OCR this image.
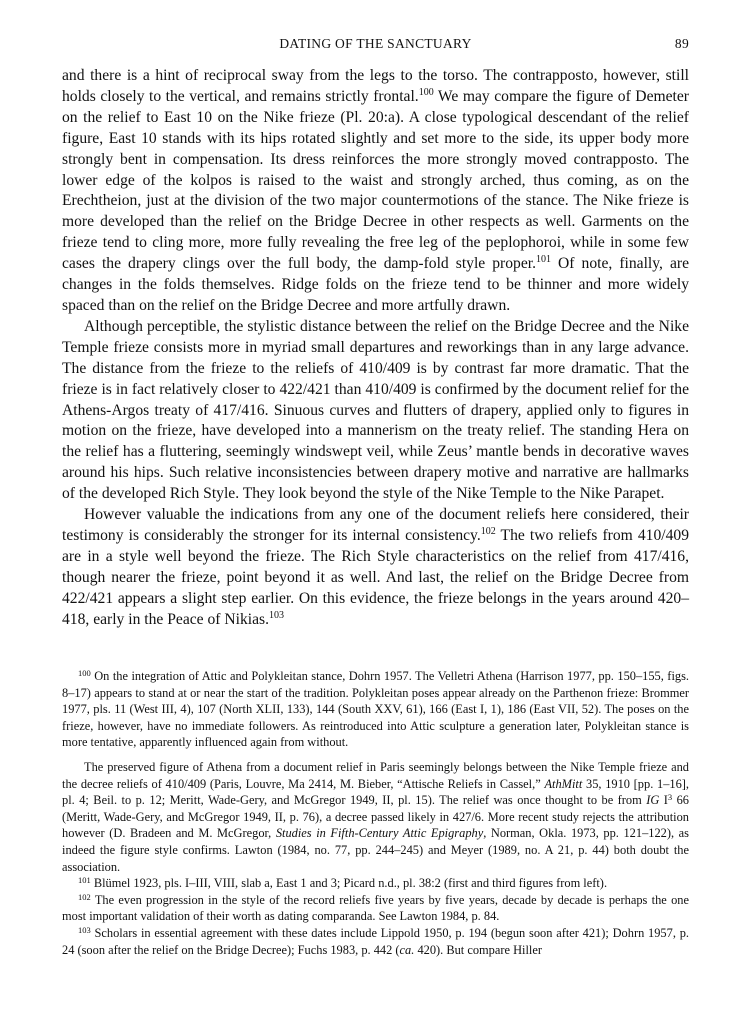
DATING OF THE SANCTUARY	89

and there is a hint of reciprocal sway from the legs to the torso. The contrapposto, however, still holds closely to the vertical, and remains strictly frontal.$^{100}$ We may compare the figure of Demeter on the relief to East 10 on the Nike frieze (Pl. 20:a). A close typological descendant of the relief figure, East 10 stands with its hips rotated slightly and set more to the side, its upper body more strongly bent in compensation. Its dress reinforces the more strongly moved contrapposto. The lower edge of the kolpos is raised to the waist and strongly arched, thus coming, as on the Erechtheion, just at the division of the two major countermotions of the stance. The Nike frieze is more developed than the relief on the Bridge Decree in other respects as well. Garments on the frieze tend to cling more, more fully revealing the free leg of the peplophoroi, while in some few cases the drapery clings over the full body, the damp-fold style proper.$^{101}$ Of note, finally, are changes in the folds themselves. Ridge folds on the frieze tend to be thinner and more widely spaced than on the relief on the Bridge Decree and more artfully drawn.

Although perceptible, the stylistic distance between the relief on the Bridge Decree and the Nike Temple frieze consists more in myriad small departures and reworkings than in any large advance. The distance from the frieze to the reliefs of 410/409 is by contrast far more dramatic. That the frieze is in fact relatively closer to 422/421 than 410/409 is confirmed by the document relief for the Athens-Argos treaty of 417/416. Sinuous curves and flutters of drapery, applied only to figures in motion on the frieze, have developed into a mannerism on the treaty relief. The standing Hera on the relief has a fluttering, seemingly windswept veil, while Zeus’ mantle bends in decorative waves around his hips. Such relative inconsistencies between drapery motive and narrative are hallmarks of the developed Rich Style. They look beyond the style of the Nike Temple to the Nike Parapet.

However valuable the indications from any one of the document reliefs here considered, their testimony is considerably the stronger for its internal consistency.$^{102}$ The two reliefs from 410/409 are in a style well beyond the frieze. The Rich Style characteristics on the relief from 417/416, though nearer the frieze, point beyond it as well. And last, the relief on the Bridge Decree from 422/421 appears a slight step earlier. On this evidence, the frieze belongs in the years around 420–418, early in the Peace of Nikias.$^{103}$

$^{100}$ On the integration of Attic and Polykleitan stance, Dohrn 1957. The Velletri Athena (Harrison 1977, pp. 150–155, figs. 8–17) appears to stand at or near the start of the tradition. Polykleitan poses appear already on the Parthenon frieze: Brommer 1977, pls. 11 (West III, 4), 107 (North XLII, 133), 144 (South XXV, 61), 166 (East I, 1), 186 (East VII, 52). The poses on the frieze, however, have no immediate followers. As reintroduced into Attic sculpture a generation later, Polykleitan stance is more tentative, apparently influenced again from without.

The preserved figure of Athena from a document relief in Paris seemingly belongs between the Nike Temple frieze and the decree reliefs of 410/409 (Paris, Louvre, Ma 2414, M. Bieber, “Attische Reliefs in Cassel,” AthMitt 35, 1910 [pp. 1–16], pl. 4; Beil. to p. 12; Meritt, Wade-Gery, and McGregor 1949, II, pl. 15). The relief was once thought to be from IG $I^3$ 66 (Meritt, Wade-Gery, and McGregor 1949, II, p. 76), a decree passed likely in 427/6. More recent study rejects the attribution however (D. Bradeen and M. McGregor, Studies in Fifth-Century Attic Epigraphy, Norman, Okla. 1973, pp. 121–122), as indeed the figure style confirms. Lawton (1984, no. 77, pp. 244–245) and Meyer (1989, no. A 21, p. 44) both doubt the association.

$^{101}$ Blümel 1923, pls. I–III, VIII, slab a, East 1 and 3; Picard n.d., pl. 38:2 (first and third figures from left).

$^{102}$ The even progression in the style of the record reliefs five years by five years, decade by decade is perhaps the one most important validation of their worth as dating comparanda. See Lawton 1984, p. 84.

$^{103}$ Scholars in essential agreement with these dates include Lippold 1950, p. 194 (begun soon after 421); Dohrn 1957, p. 24 (soon after the relief on the Bridge Decree); Fuchs 1983, p. 442 (ca. 420). But compare Hiller
